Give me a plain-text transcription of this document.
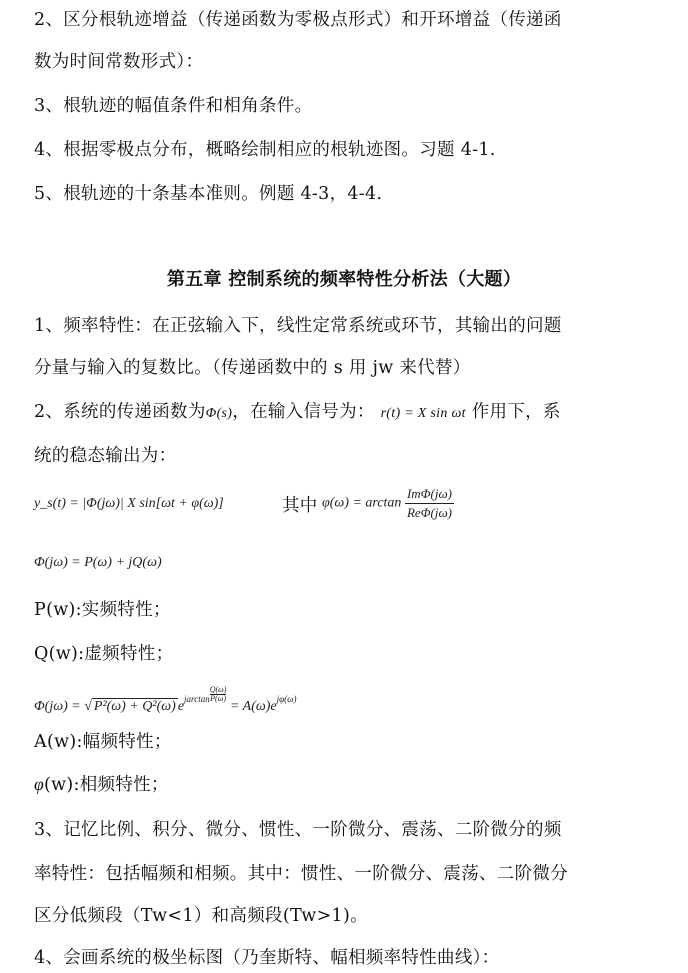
2、区分根轨迹增益（传递函数为零极点形式）和开环增益（传递函
数为时间常数形式）：
3、根轨迹的幅值条件和相角条件。
4、根据零极点分布，概略绘制相应的根轨迹图。习题 4-1.
5、根轨迹的十条基本准则。例题 4-3，4-4.
第五章 控制系统的频率特性分析法（大题）
1、频率特性：在正弦输入下，线性定常系统或环节，其输出的问题
分量与输入的复数比。（传递函数中的 s 用 jw 来代替）
2、系统的传递函数为Φ(s)，在输入信号为： r(t) = X sin ωt 作用下，系
统的稳态输出为：
y_s(t) = |Φ(jω)| X sin[ωt + φ(ω)]	其中 $\varphi(\omega) = \arctan \frac{\text{ImΦ(jω)}}{\text{ReΦ(jω)}}$
Φ(jω) = P(ω) + jQ(ω)
P(w):实频特性；
Q(w):虚频特性；
Φ(jω) = √ P²(ω) + Q²(ω) $e^{jarctan} \frac{Q(\omega)}{P(\omega)} = A(\omega)e^{j\varphi(\omega)}$
A(w):幅频特性；
φ(w):相频特性；
3、记忆比例、积分、微分、惯性、一阶微分、震荡、二阶微分的频
率特性：包括幅频和相频。其中：惯性、一阶微分、震荡、二阶微分
区分低频段（Tw<1）和高频段(Tw>1)。
4、会画系统的极坐标图（乃奎斯特、幅相频率特性曲线）：
